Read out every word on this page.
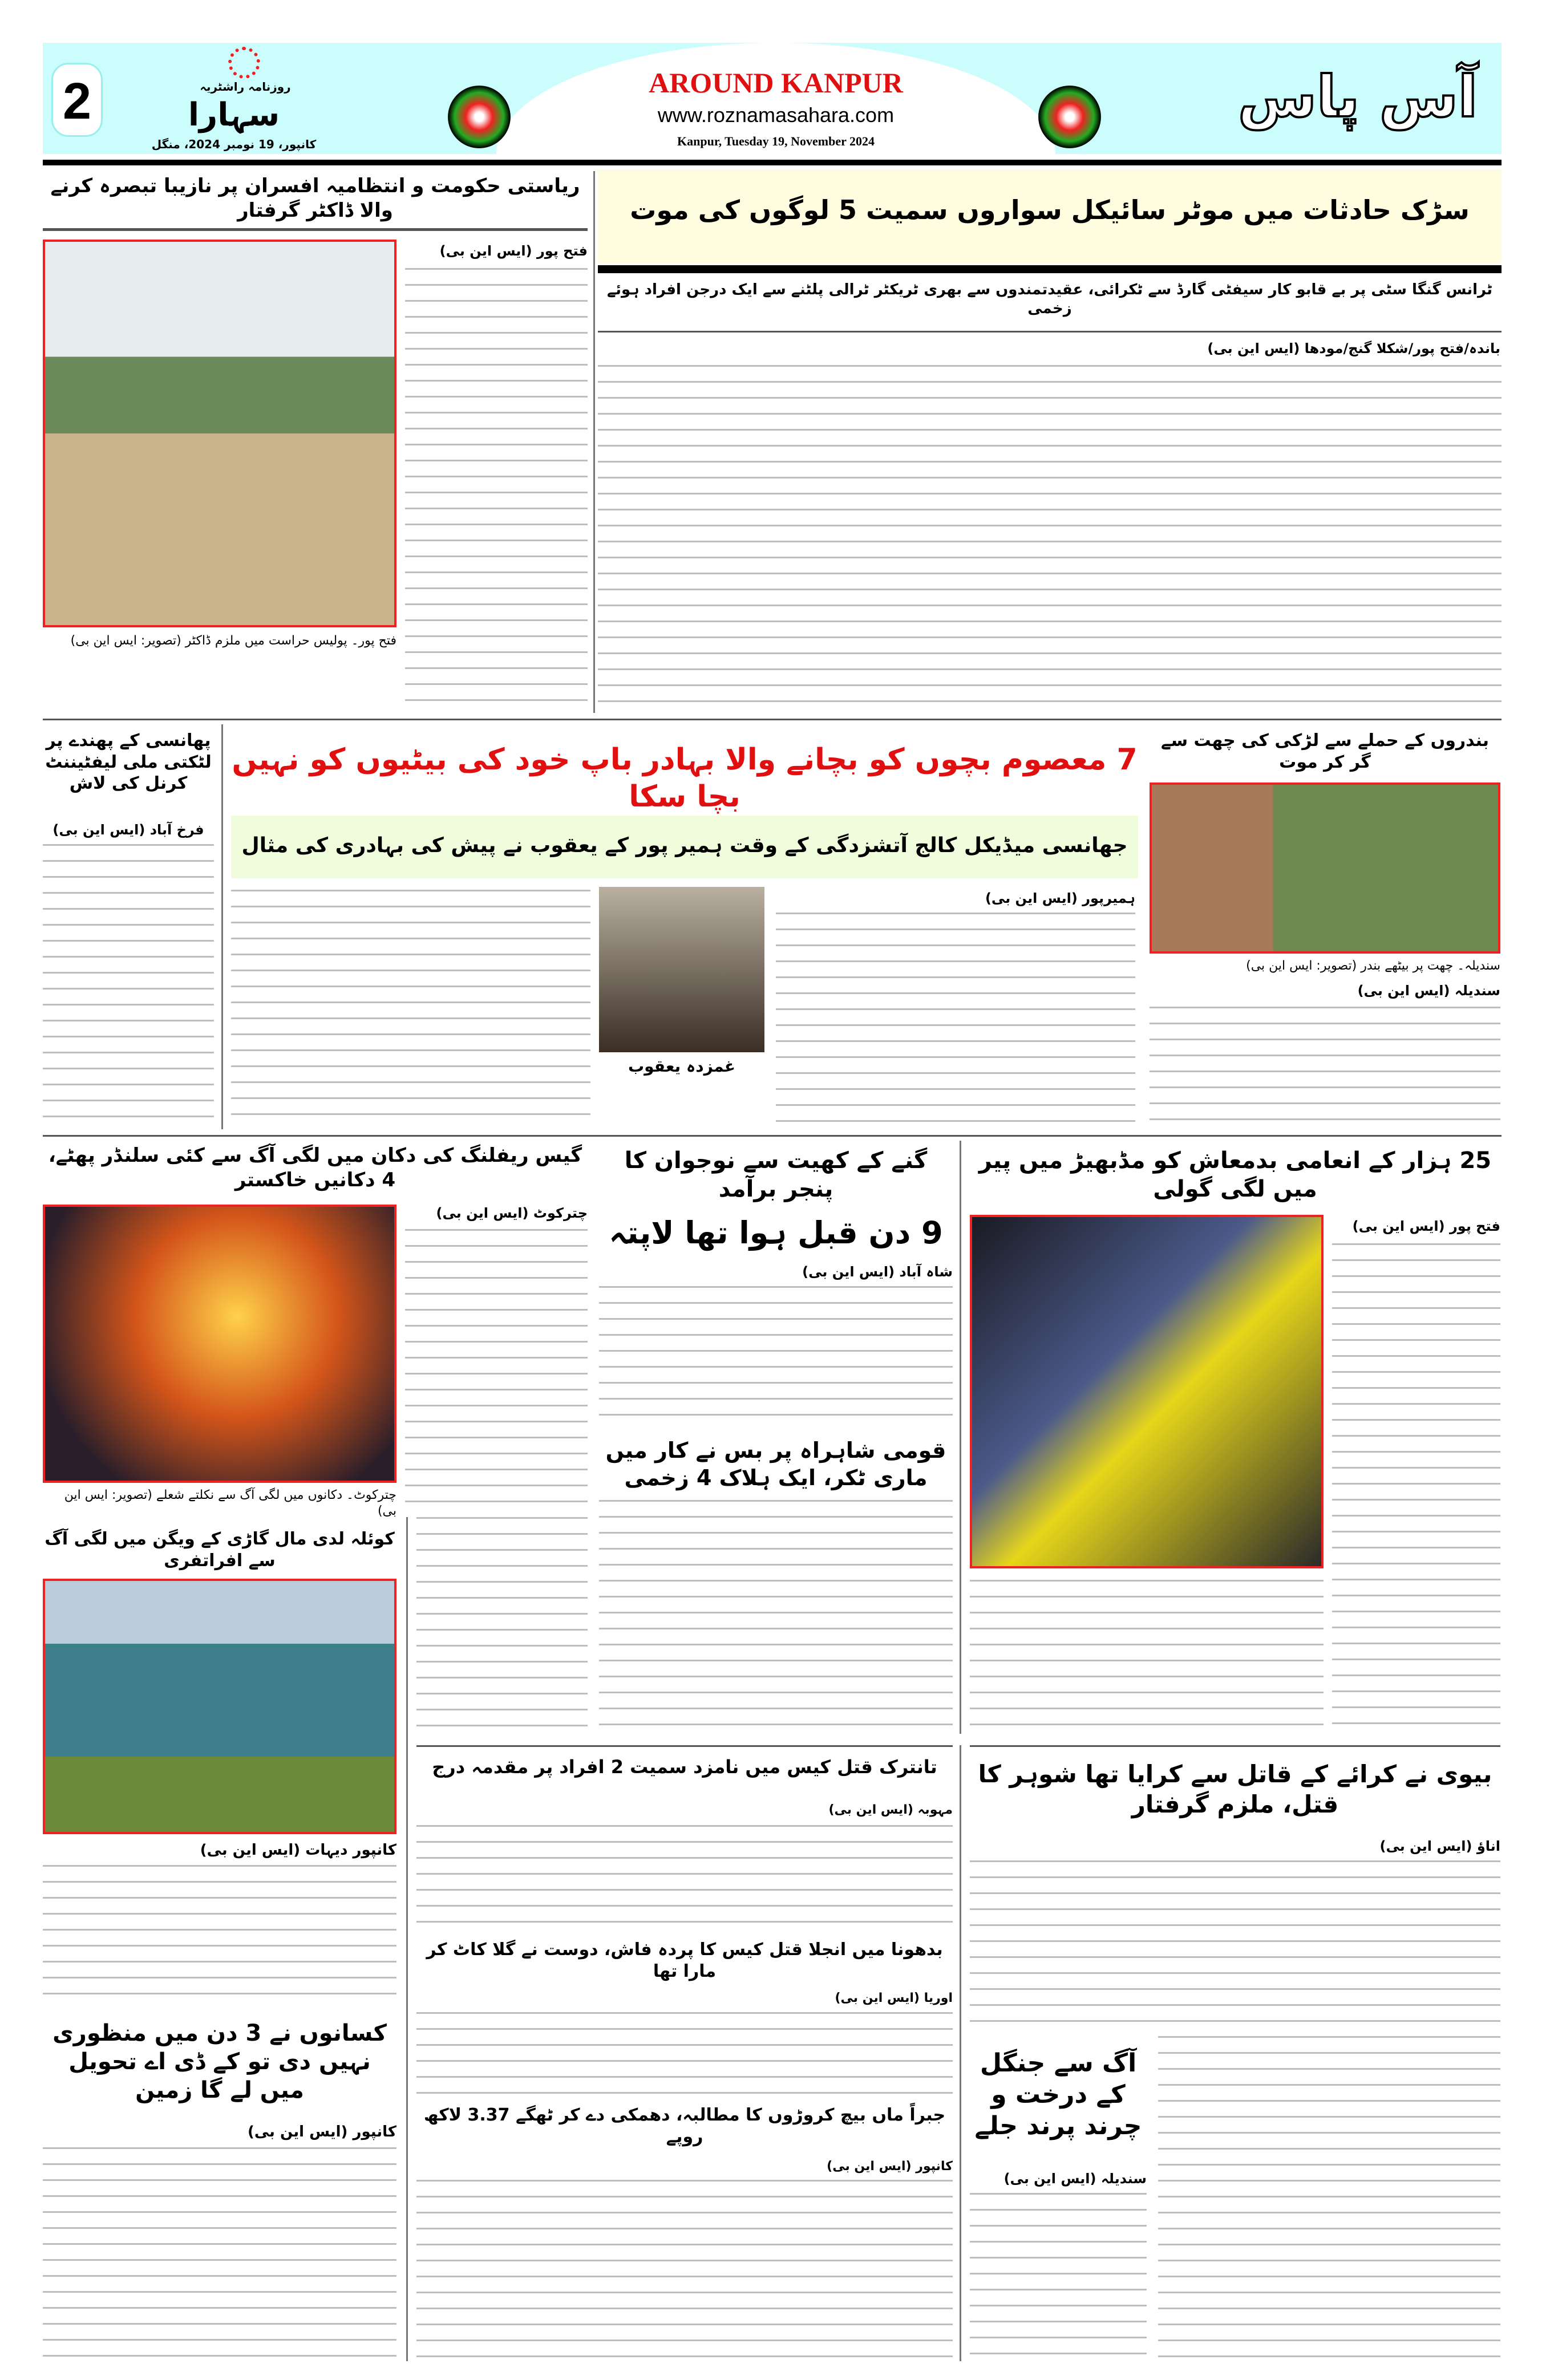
2	روزنامہ راشٹریہ
سہارا
کانپور، 19 نومبر 2024، منگل
AROUND KANPUR
www.roznamasahara.com
Kanpur, Tuesday 19, November 2024
آس پاس
سڑک حادثات میں موٹر سائیکل سواروں سمیت 5 لوگوں کی موت
ٹرانس گنگا سٹی پر بے قابو کار سیفٹی گارڈ سے ٹکرائی، عقیدتمندوں سے بھری ٹریکٹر ٹرالی پلٹنے سے ایک درجن افراد ہوئے زخمی
باندہ/فتح پور/شکلا گنج/مودھا (ایس این بی)
ریاستی حکومت و انتظامیہ افسران پر نازیبا تبصرہ کرنے والا ڈاکٹر گرفتار
فتح پور۔ پولیس حراست میں ملزم ڈاکٹر (تصویر: ایس این بی)
فتح پور (ایس این بی)
پھانسی کے پھندے پر لٹکتی ملی لیفٹیننٹ کرنل کی لاش
فرخ آباد (ایس این بی)
7 معصوم بچوں کو بچانے والا بہادر باپ خود کی بیٹیوں کو نہیں بچا سکا
جھانسی میڈیکل کالج آتشزدگی کے وقت ہمیر پور کے یعقوب نے پیش کی بہادری کی مثال
ہمیرپور (ایس این بی)
غمزدہ یعقوب
بندروں کے حملے سے لڑکی کی چھت سے گر کر موت
سندیلہ۔ چھت پر بیٹھے بندر (تصویر: ایس این بی)
سندیلہ (ایس این بی)
گیس ریفلنگ کی دکان میں لگی آگ سے کئی سلنڈر پھٹے، 4 دکانیں خاکستر
چترکوٹ۔ دکانوں میں لگی آگ سے نکلتے شعلے (تصویر: ایس این بی)
چترکوٹ (ایس این بی)
کوئلہ لدی مال گاڑی کے ویگن میں لگی آگ سے افراتفری
کانپور دیہات (ایس این بی)
کسانوں نے 3 دن میں منظوری نہیں دی تو کے ڈی اے تحویل میں لے گا زمین
کانپور (ایس این بی)
گنے کے کھیت سے نوجوان کا پنجر برآمد
9 دن قبل ہوا تھا لاپتہ
شاہ آباد (ایس این بی)
قومی شاہراہ پر بس نے کار میں ماری ٹکر، ایک ہلاک 4 زخمی
25 ہزار کے انعامی بدمعاش کو مڈبھیڑ میں پیر میں لگی گولی
فتح پور (ایس این بی)
تانترک قتل کیس میں نامزد سمیت 2 افراد پر مقدمہ درج
مہوبہ (ایس این بی)
بدھونا میں انجلا قتل کیس کا پردہ فاش، دوست نے گلا کاٹ کر مارا تھا
اوریا (ایس این بی)
جبراً ماں بیچ کروڑوں کا مطالبہ، دھمکی دے کر ٹھگے 3.37 لاکھ روپے
کانپور (ایس این بی)
بیوی نے کرائے کے قاتل سے کرایا تھا شوہر کا قتل، ملزم گرفتار
اناؤ (ایس این بی)
آگ سے جنگل کے درخت و چرند پرند جلے
سندیلہ (ایس این بی)
